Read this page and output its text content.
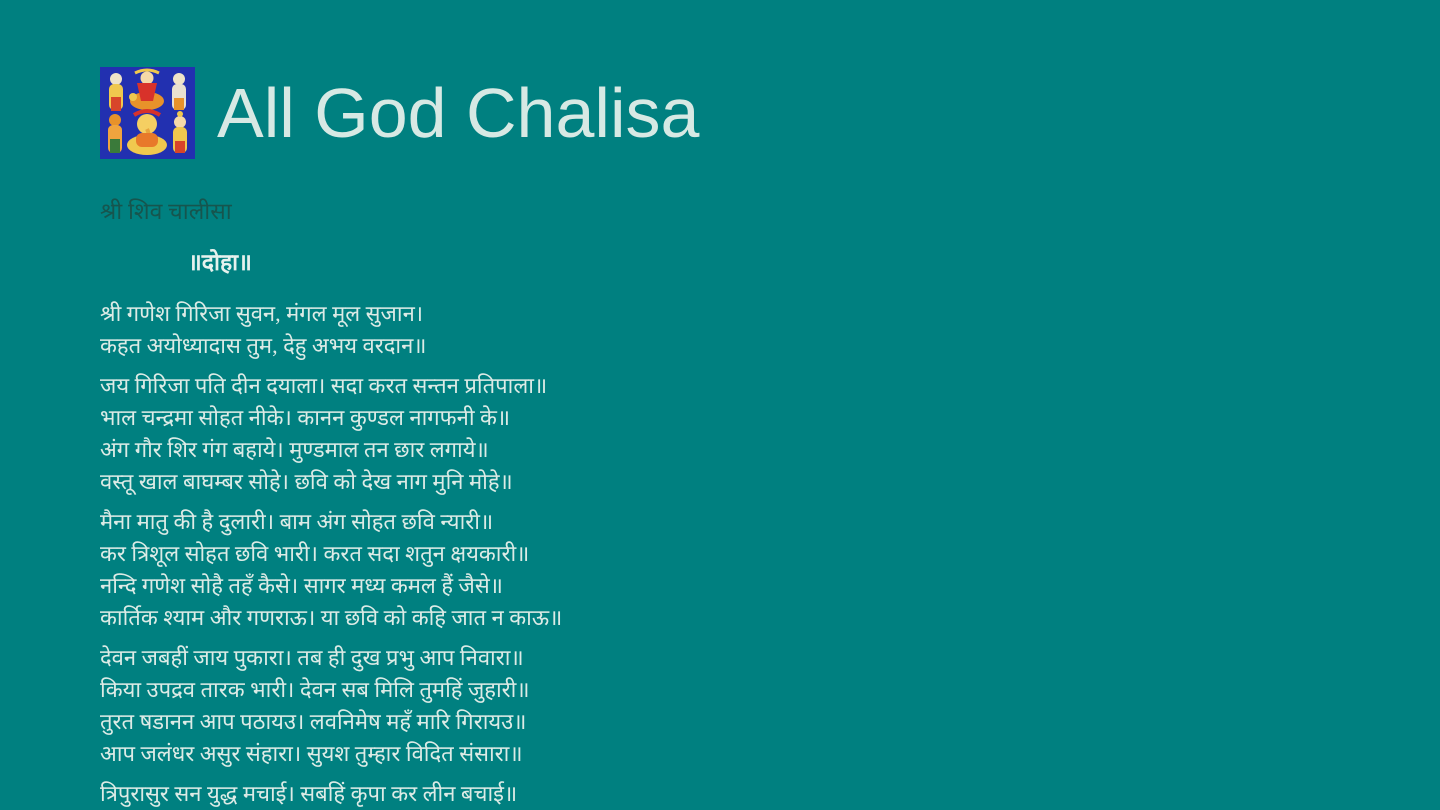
All God Chalisa
श्री शिव चालीसा
॥दोहा॥

श्री गणेश गिरिजा सुवन, मंगल मूल सुजान।

कहत अयोध्यादास तुम, देहु अभय वरदान॥

जय गिरिजा पति दीन दयाला। सदा करत सन्तन प्रतिपाला॥

भाल चन्द्रमा सोहत नीके। कानन कुण्डल नागफनी के॥

अंग गौर शिर गंग बहाये। मुण्डमाल तन छार लगाये॥

वस्तू खाल बाघम्बर सोहे। छवि को देख नाग मुनि मोहे॥

मैना मातु की है दुलारी। बाम अंग सोहत छवि न्यारी॥

कर त्रिशूल सोहत छवि भारी। करत सदा शतुन क्षयकारी॥

नन्दि गणेश सोहै तहँ कैसे। सागर मध्य कमल हैं जैसे॥

कार्तिक श्याम और गणराऊ। या छवि को कहि जात न काऊ॥

देवन जबहीं जाय पुकारा। तब ही दुख प्रभु आप निवारा॥

किया उपद्रव तारक भारी। देवन सब मिलि तुमहिं जुहारी॥

तुरत षडानन आप पठायउ। लवनिमेष महँ मारि गिरायउ॥

आप जलंधर असुर संहारा। सुयश तुम्हार विदित संसारा॥

त्रिपुरासुर सन युद्ध मचाई। सबहिं कृपा कर लीन बचाई॥
